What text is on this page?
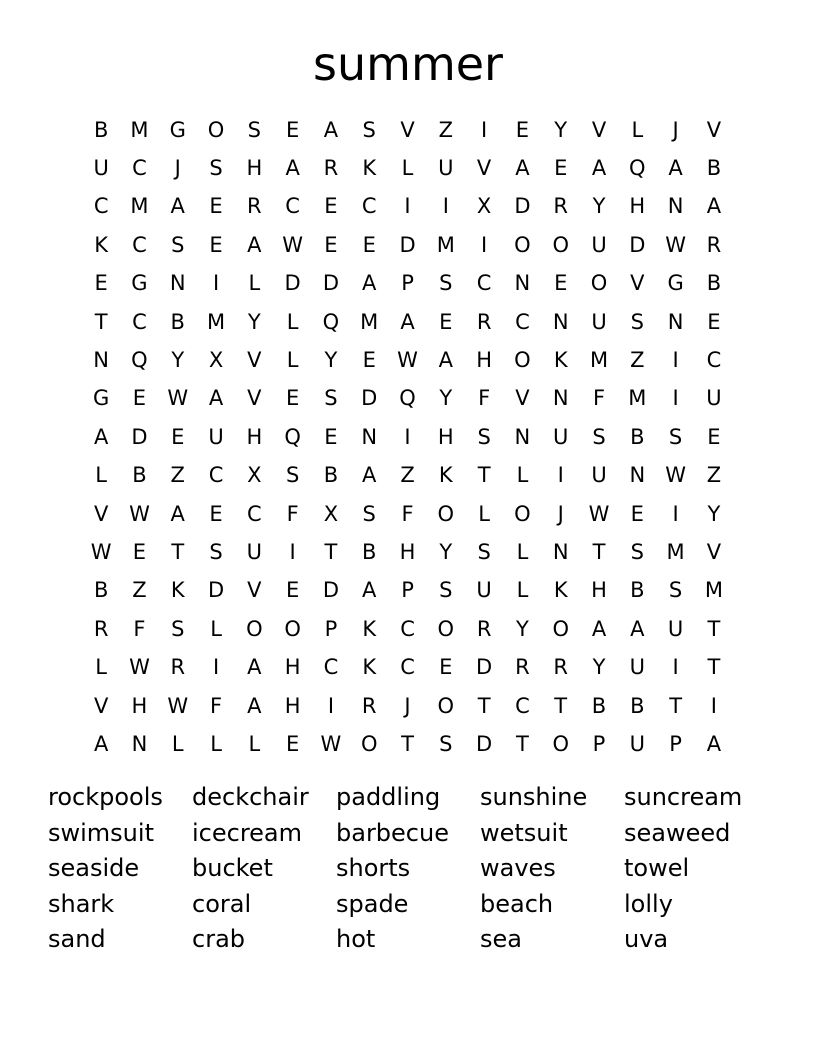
summer
B	M	G	O	S	E	A	S	V	Z	I	E	Y	V	L	J	V
U	C	J	S	H	A	R	K	L	U	V	A	E	A	Q	A	B
C	M	A	E	R	C	E	C	I	I	X	D	R	Y	H	N	A
K	C	S	E	A W	E	E	D	M	I	O	O	U	D W R
E	G	N	I	L	D	D	A	P	S	C	N	E	O	V	G	B
T	C	B	M	Y	L	Q M	A	E	R	C	N	U	S	N	E
N	Q	Y	X	V	L	Y	E	W A	H	O	K	M	Z	I	C
G	E	W A	V	E	S	D	Q	Y	F	V	N	F	M	I	U
A	D	E	U	H	Q	E	N	I	H	S	N	U	S	B	S	E
L	B	Z	C	X	S	B	A	Z	K	T	L	I	U	N W Z
V W A	E	C	F	X	S	F	O	L	O	J	W	E	I	Y
W	E	T	S	U	I	T	B	H	Y	S	L	N	T	S	M	V
B	Z	K	D	V	E	D	A	P	S	U	L	K	H	B	S	M
R	F	S	L	O	O	P	K	C	O	R	Y	O	A	A	U	T
L	W R	I	A	H	C	K	C	E	D	R	R	Y	U	I	T
V	H W	F	A	H	I	R	J	O	T	C	T	B	B	T	I
A	N	L	L	L	E	W O	T	S	D	T	O	P	U	P	A
rockpools	deckchair	paddling	sunshine	suncream
swimsuit	icecream	barbecue	wetsuit	seaweed
seaside	bucket	shorts	waves	towel
shark	coral	spade	beach	lolly
sand	crab	hot	sea	uva
